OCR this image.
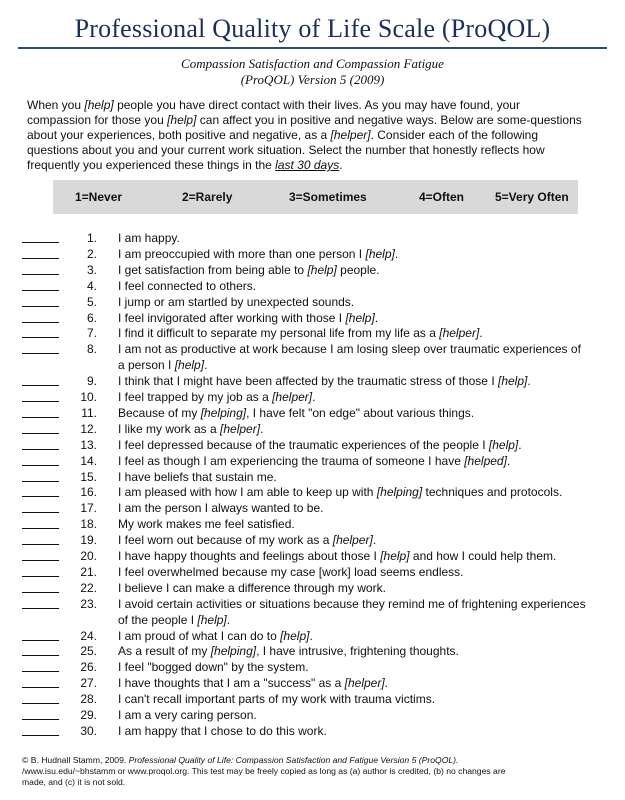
Professional Quality of Life Scale (ProQOL)
Compassion Satisfaction and Compassion Fatigue
(ProQOL) Version 5 (2009)
When you [help] people you have direct contact with their lives. As you may have found, your
compassion for those you [help] can affect you in positive and negative ways. Below are some-questions
about your experiences, both positive and negative, as a [helper]. Consider each of the following
questions about you and your current work situation. Select the number that honestly reflects how
frequently you experienced these things in the last 30 days.
1=Never	2=Rarely	3=Sometimes	4=Often	5=Very Often
1. I am happy.
2. I am preoccupied with more than one person I [help].
3. I get satisfaction from being able to [help] people.
4. I feel connected to others.
5. I jump or am startled by unexpected sounds.
6. I feel invigorated after working with those I [help].
7. I find it difficult to separate my personal life from my life as a [helper].
8. I am not as productive at work because I am losing sleep over traumatic experiences of
a person I [help].
9. I think that I might have been affected by the traumatic stress of those I [help].
10. I feel trapped by my job as a [helper].
11. Because of my [helping], I have felt "on edge" about various things.
12. I like my work as a [helper].
13. I feel depressed because of the traumatic experiences of the people I [help].
14. I feel as though I am experiencing the trauma of someone I have [helped].
15. I have beliefs that sustain me.
16. I am pleased with how I am able to keep up with [helping] techniques and protocols.
17. I am the person I always wanted to be.
18. My work makes me feel satisfied.
19. I feel worn out because of my work as a [helper].
20. I have happy thoughts and feelings about those I [help] and how I could help them.
21. I feel overwhelmed because my case [work] load seems endless.
22. I believe I can make a difference through my work.
23. I avoid certain activities or situations because they remind me of frightening experiences
of the people I [help].
24. I am proud of what I can do to [help].
25. As a result of my [helping], I have intrusive, frightening thoughts.
26. I feel "bogged down" by the system.
27. I have thoughts that I am a "success" as a [helper].
28. I can't recall important parts of my work with trauma victims.
29. I am a very caring person.
30. I am happy that I chose to do this work.
© B. Hudnall Stamm, 2009. Professional Quality of Life: Compassion Satisfaction and Fatigue Version 5 (ProQOL).
/www.isu.edu/~bhstamm or www.proqol.org. This test may be freely copied as long as (a) author is credited, (b) no changes are
made, and (c) it is not sold.
